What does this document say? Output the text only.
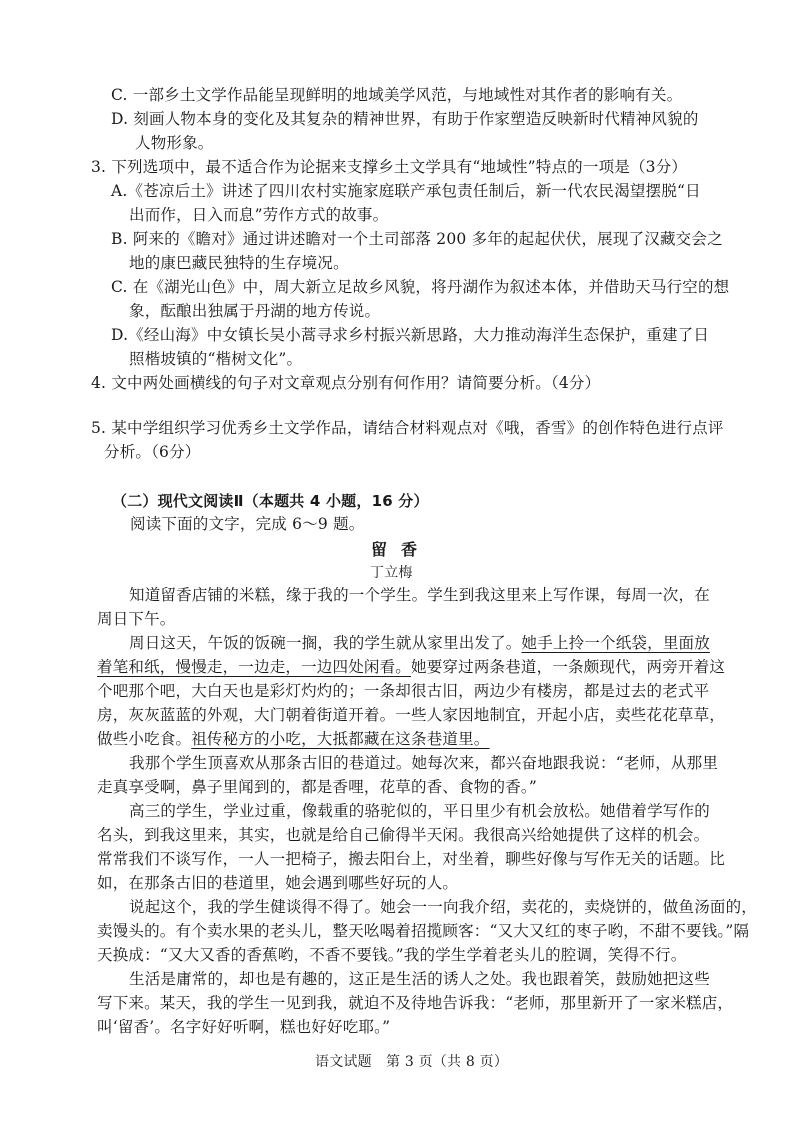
C. 一部乡土文学作品能呈现鲜明的地域美学风范，与地域性对其作者的影响有关。
D. 刻画人物本身的变化及其复杂的精神世界，有助于作家塑造反映新时代精神风貌的
人物形象。
3. 下列选项中，最不适合作为论据来支撑乡土文学具有“地域性”特点的一项是（3分）
A.《苍凉后土》讲述了四川农村实施家庭联产承包责任制后，新一代农民渴望摆脱“日
出而作，日入而息”劳作方式的故事。
B. 阿来的《瞻对》通过讲述瞻对一个土司部落 200 多年的起起伏伏，展现了汉藏交会之
地的康巴藏民独特的生存境况。
C. 在《湖光山色》中，周大新立足故乡风貌，将丹湖作为叙述本体，并借助天马行空的想
象，酝酿出独属于丹湖的地方传说。
D.《经山海》中女镇长吴小蒿寻求乡村振兴新思路，大力推动海洋生态保护，重建了日
照楷坡镇的“楷树文化”。
4. 文中两处画横线的句子对文章观点分别有何作用？请简要分析。（4分）
5. 某中学组织学习优秀乡土文学作品，请结合材料观点对《哦，香雪》的创作特色进行点评
分析。（6分）
（二）现代文阅读Ⅱ（本题共 4 小题，16 分）
阅读下面的文字，完成 6～9 题。
留香
丁立梅
知道留香店铺的米糕，缘于我的一个学生。学生到我这里来上写作课，每周一次，在
周日下午。
周日这天，午饭的饭碗一搁，我的学生就从家里出发了。她手上拎一个纸袋，里面放
着笔和纸，慢慢走，一边走，一边四处闲看。她要穿过两条巷道，一条颇现代，两旁开着这
个吧那个吧，大白天也是彩灯灼灼的；一条却很古旧，两边少有楼房，都是过去的老式平
房，灰灰蓝蓝的外观，大门朝着街道开着。一些人家因地制宜，开起小店，卖些花花草草，
做些小吃食。祖传秘方的小吃，大抵都藏在这条巷道里。
我那个学生顶喜欢从那条古旧的巷道过。她每次来，都兴奋地跟我说：“老师，从那里
走真享受啊，鼻子里闻到的，都是香哩，花草的香、食物的香。”
高三的学生，学业过重，像载重的骆驼似的，平日里少有机会放松。她借着学写作的
名头，到我这里来，其实，也就是给自己偷得半天闲。我很高兴给她提供了这样的机会。
常常我们不谈写作，一人一把椅子，搬去阳台上，对坐着，聊些好像与写作无关的话题。比
如，在那条古旧的巷道里，她会遇到哪些好玩的人。
说起这个，我的学生健谈得不得了。她会一一向我介绍，卖花的，卖烧饼的，做鱼汤面的，
卖馒头的。有个卖水果的老头儿，整天吆喝着招揽顾客：“又大又红的枣子哟，不甜不要钱。”隔
天换成：“又大又香的香蕉哟，不香不要钱。”我的学生学着老头儿的腔调，笑得不行。
生活是庸常的，却也是有趣的，这正是生活的诱人之处。我也跟着笑，鼓励她把这些
写下来。某天，我的学生一见到我，就迫不及待地告诉我：“老师，那里新开了一家米糕店，
叫‘留香’。名字好好听啊，糕也好好吃耶。”
语文试题　第 3 页（共 8 页）
